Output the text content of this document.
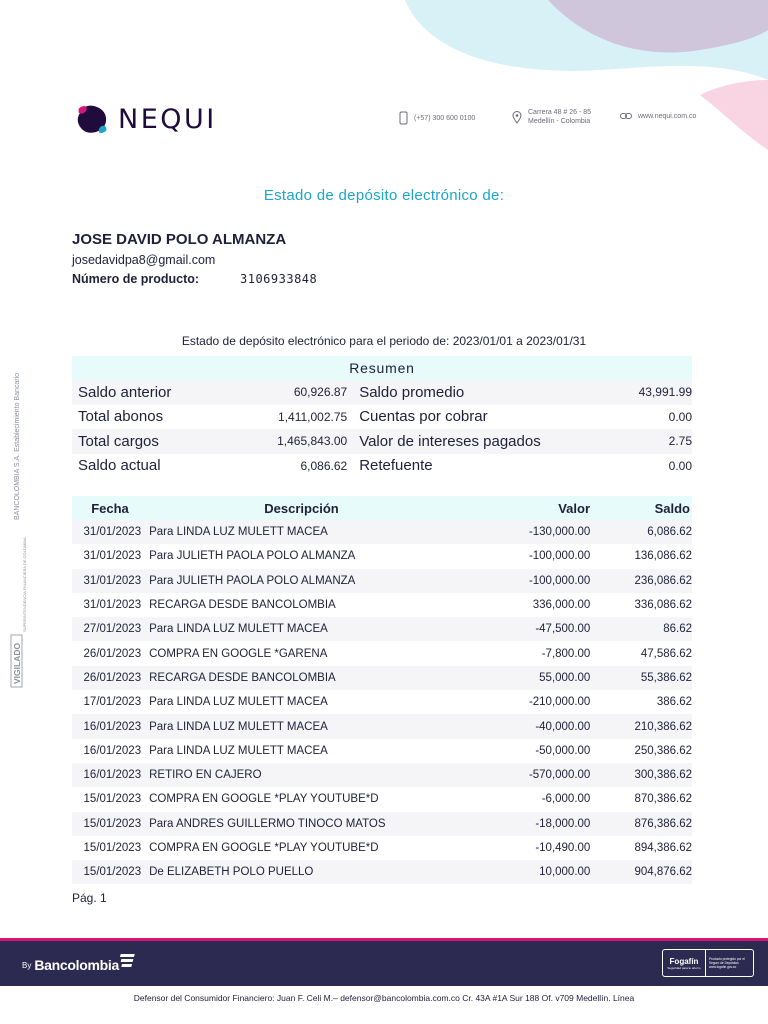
NEQUI	(+57) 300 600 0100
Carrera 48 # 26 - 85
Medellín - Colombia
www.nequi.com.co
Estado de depósito electrónico de:
JOSE DAVID POLO ALMANZA
josedavidpa8@gmail.com
Número de producto:	3106933848
Estado de depósito electrónico para el periodo de: 2023/01/01 a 2023/01/31
Resumen
Saldo anterior	60,926.87 Saldo promedio	43,991.99
Total abonos	1,411,002.75 Cuentas por cobrar	0.00
Total cargos	1,465,843.00 Valor de intereses pagados	2.75
Saldo actual	6,086.62 Retefuente	0.00
Fecha	Descripción	Valor	Saldo
31/01/2023 Para LINDA LUZ MULETT MACEA	-130,000.00	6,086.62
31/01/2023 Para JULIETH PAOLA POLO ALMANZA	-100,000.00	136,086.62
31/01/2023 Para JULIETH PAOLA POLO ALMANZA	-100,000.00	236,086.62
31/01/2023 RECARGA DESDE BANCOLOMBIA	336,000.00	336,086.62
27/01/2023 Para LINDA LUZ MULETT MACEA	-47,500.00	86.62
26/01/2023 COMPRA EN GOOGLE *GARENA	-7,800.00	47,586.62
26/01/2023 RECARGA DESDE BANCOLOMBIA	55,000.00	55,386.62
17/01/2023 Para LINDA LUZ MULETT MACEA	-210,000.00	386.62
16/01/2023 Para LINDA LUZ MULETT MACEA	-40,000.00	210,386.62
16/01/2023 Para LINDA LUZ MULETT MACEA	-50,000.00	250,386.62
16/01/2023 RETIRO EN CAJERO	-570,000.00	300,386.62
15/01/2023 COMPRA EN GOOGLE *PLAY YOUTUBE*D	-6,000.00	870,386.62
15/01/2023 Para ANDRES GUILLERMO TINOCO MATOS	-18,000.00	876,386.62
15/01/2023 COMPRA EN GOOGLE *PLAY YOUTUBE*D	-10,490.00	894,386.62
15/01/2023 De ELIZABETH POLO PUELLO	10,000.00	904,876.62
Pág. 1
BANCOLOMBIA S.A. Establecimiento Bancario
VIGILADO
SUPERINTENDENCIA FINANCIERA DE COLOMBIA
By Bancolombia	Fogafín
Seguridad para tu ahorro
Producto protegido por el Seguro de Depósitos www.fogafin.gov.co
Defensor del Consumidor Financiero: Juan F. Celi M.– defensor@bancolombia.com.co Cr. 43A #1A Sur 188 Of. v709 Medellín. Línea
